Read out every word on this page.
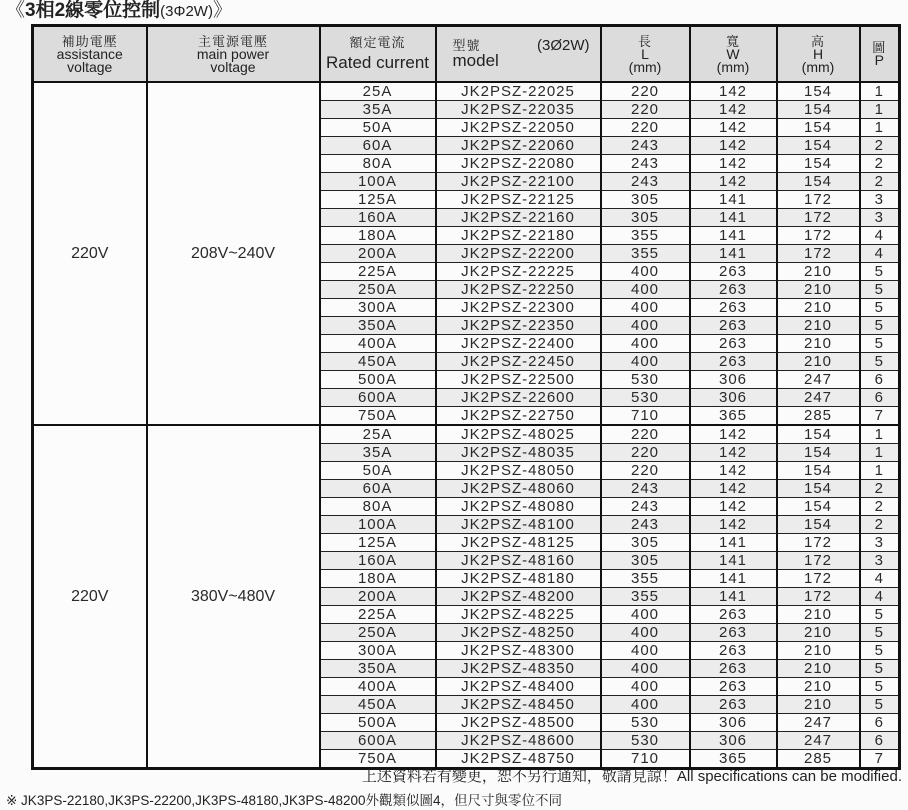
《3相2線零位控制(3Φ2W)》
補助電壓
assistance
voltage	主電源電壓
main power
voltage	額定電流
Rated current	型號 (3Ø2W)
model	長
L
(mm)	寬
W
(mm)	高
H
(mm)	圖
P

220V	208V~240V	25A	JK2PSZ-22025	220	142	154	1
		35A	JK2PSZ-22035	220	142	154	1
		50A	JK2PSZ-22050	220	142	154	1
		60A	JK2PSZ-22060	243	142	154	2
		80A	JK2PSZ-22080	243	142	154	2
		100A	JK2PSZ-22100	243	142	154	2
		125A	JK2PSZ-22125	305	141	172	3
		160A	JK2PSZ-22160	305	141	172	3
		180A	JK2PSZ-22180	355	141	172	4
		200A	JK2PSZ-22200	355	141	172	4
		225A	JK2PSZ-22225	400	263	210	5
		250A	JK2PSZ-22250	400	263	210	5
		300A	JK2PSZ-22300	400	263	210	5
		350A	JK2PSZ-22350	400	263	210	5
		400A	JK2PSZ-22400	400	263	210	5
		450A	JK2PSZ-22450	400	263	210	5
		500A	JK2PSZ-22500	530	306	247	6
		600A	JK2PSZ-22600	530	306	247	6
		750A	JK2PSZ-22750	710	365	285	7
220V	380V~480V	25A	JK2PSZ-48025	220	142	154	1
		35A	JK2PSZ-48035	220	142	154	1
		50A	JK2PSZ-48050	220	142	154	1
		60A	JK2PSZ-48060	243	142	154	2
		80A	JK2PSZ-48080	243	142	154	2
		100A	JK2PSZ-48100	243	142	154	2
		125A	JK2PSZ-48125	305	141	172	3
		160A	JK2PSZ-48160	305	141	172	3
		180A	JK2PSZ-48180	355	141	172	4
		200A	JK2PSZ-48200	355	141	172	4
		225A	JK2PSZ-48225	400	263	210	5
		250A	JK2PSZ-48250	400	263	210	5
		300A	JK2PSZ-48300	400	263	210	5
		350A	JK2PSZ-48350	400	263	210	5
		400A	JK2PSZ-48400	400	263	210	5
		450A	JK2PSZ-48450	400	263	210	5
		500A	JK2PSZ-48500	530	306	247	6
		600A	JK2PSZ-48600	530	306	247	6
		750A	JK2PSZ-48750	710	365	285	7
上述資料若有變更，恕不另行通知，敬請見諒！All specifications can be modified.
※ JK3PS-22180,JK3PS-22200,JK3PS-48180,JK3PS-48200外觀類似圖4，但尺寸與零位不同
